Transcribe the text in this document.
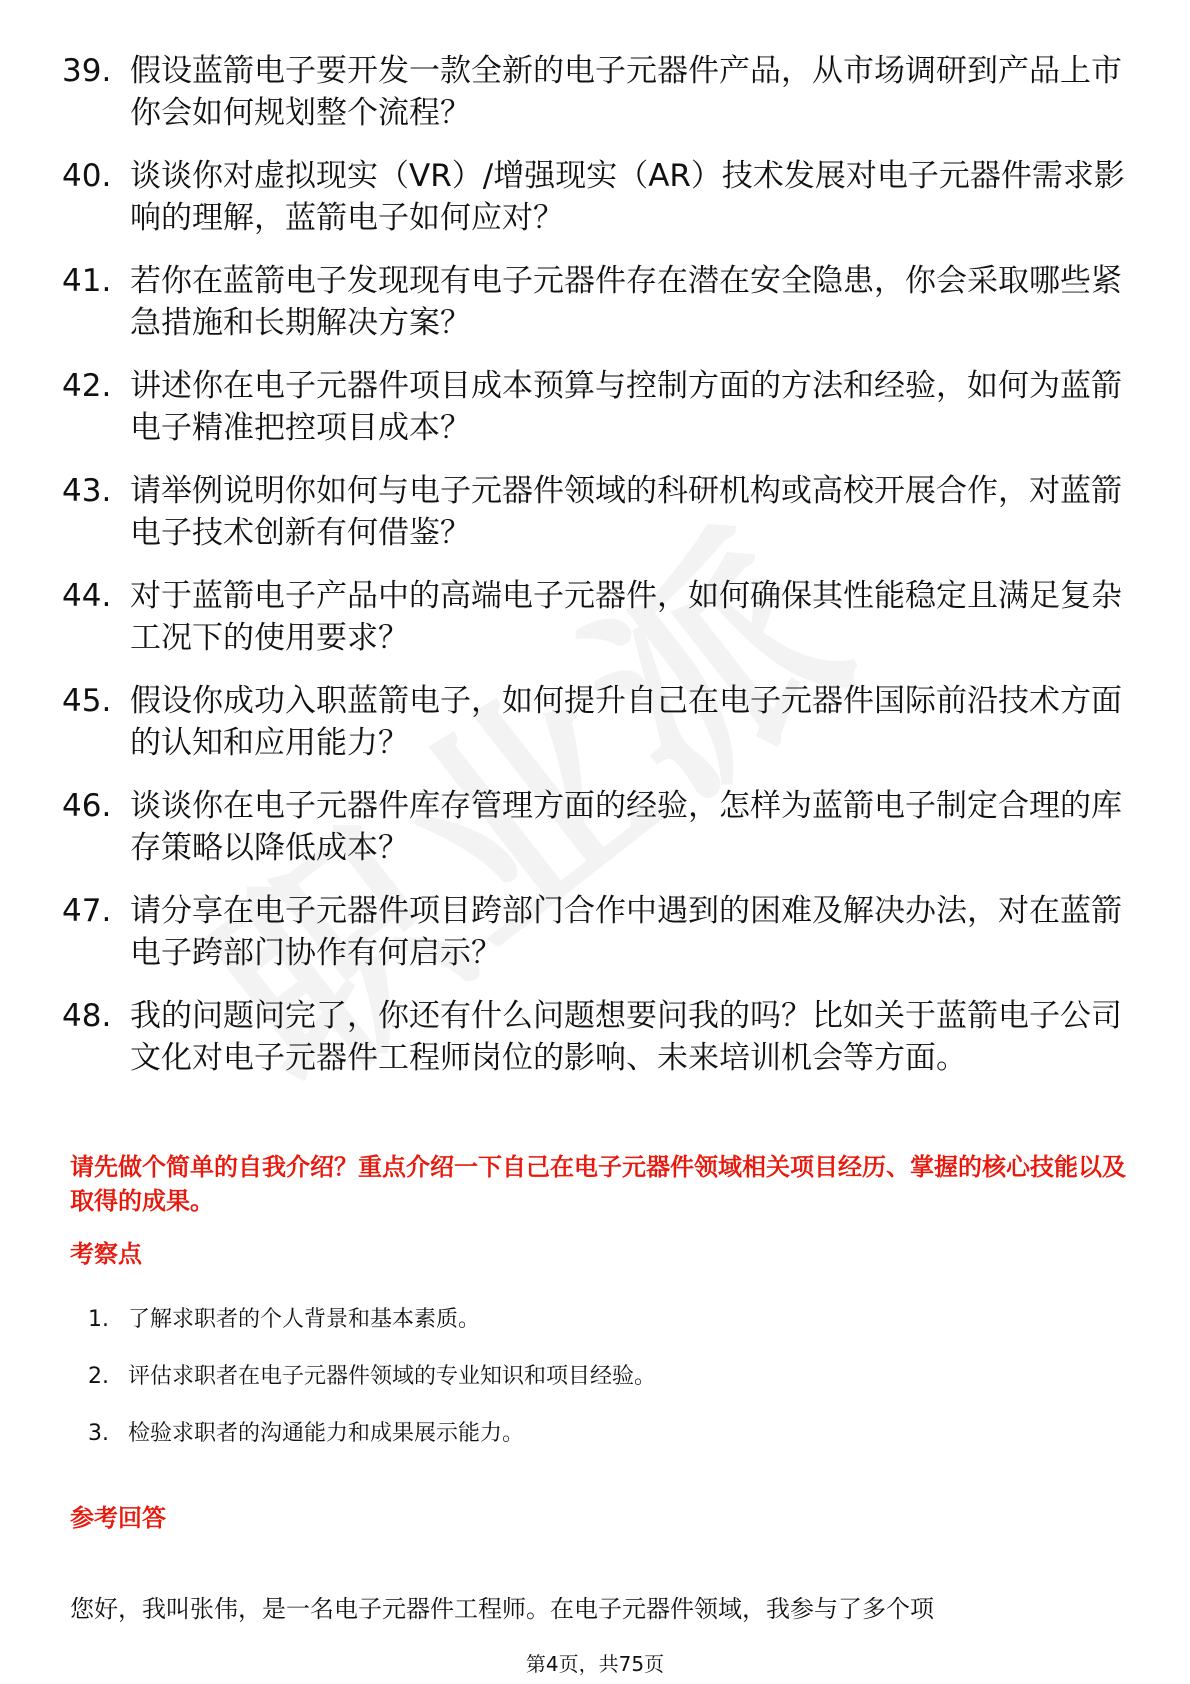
39. 假设蓝箭电子要开发一款全新的电子元器件产品，从市场调研到产品上市你会如何规划整个流程？
40. 谈谈你对虚拟现实（VR）/增强现实（AR）技术发展对电子元器件需求影响的理解，蓝箭电子如何应对？
41. 若你在蓝箭电子发现现有电子元器件存在潜在安全隐患，你会采取哪些紧急措施和长期解决方案？
42. 讲述你在电子元器件项目成本预算与控制方面的方法和经验，如何为蓝箭电子精准把控项目成本？
43. 请举例说明你如何与电子元器件领域的科研机构或高校开展合作，对蓝箭电子技术创新有何借鉴？
44. 对于蓝箭电子产品中的高端电子元器件，如何确保其性能稳定且满足复杂工况下的使用要求？
45. 假设你成功入职蓝箭电子，如何提升自己在电子元器件国际前沿技术方面的认知和应用能力？
46. 谈谈你在电子元器件库存管理方面的经验，怎样为蓝箭电子制定合理的库存策略以降低成本？
47. 请分享在电子元器件项目跨部门合作中遇到的困难及解决办法，对在蓝箭电子跨部门协作有何启示？
48. 我的问题问完了，你还有什么问题想要问我的吗？比如关于蓝箭电子公司文化对电子元器件工程师岗位的影响、未来培训机会等方面。
请先做个简单的自我介绍？重点介绍一下自己在电子元器件领域相关项目经历、掌握的核心技能以及取得的成果。
考察点
1. 了解求职者的个人背景和基本素质。
2. 评估求职者在电子元器件领域的专业知识和项目经验。
3. 检验求职者的沟通能力和成果展示能力。
参考回答
您好，我叫张伟，是一名电子元器件工程师。在电子元器件领域，我参与了多个项
第4页，共75页
